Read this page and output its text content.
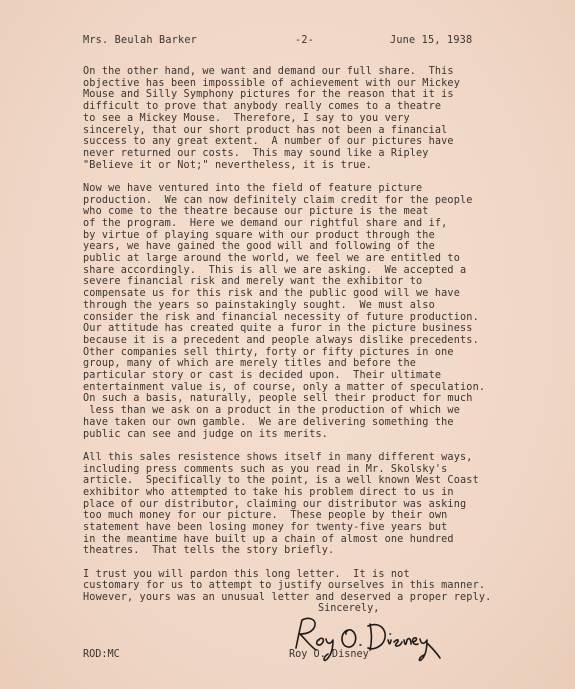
Mrs. Beulah Barker	-2-	June 15, 1938
On the other hand, we want and demand our full share.  This
objective has been impossible of achievement with our Mickey
Mouse and Silly Symphony pictures for the reason that it is
difficult to prove that anybody really comes to a theatre
to see a Mickey Mouse.  Therefore, I say to you very
sincerely, that our short product has not been a financial
success to any great extent.  A number of our pictures have
never returned our costs.  This may sound like a Ripley
"Believe it or Not;" nevertheless, it is true.
Now we have ventured into the field of feature picture
production.  We can now definitely claim credit for the people
who come to the theatre because our picture is the meat
of the program.  Here we demand our rightful share and if,
by virtue of playing square with our product through the
years, we have gained the good will and following of the
public at large around the world, we feel we are entitled to
share accordingly.  This is all we are asking.  We accepted a
severe financial risk and merely want the exhibitor to
compensate us for this risk and the public good will we have
through the years so painstakingly sought.  We must also
consider the risk and financial necessity of future production.
Our attitude has created quite a furor in the picture business
because it is a precedent and people always dislike precedents.
Other companies sell thirty, forty or fifty pictures in one
group, many of which are merely titles and before the
particular story or cast is decided upon.  Their ultimate
entertainment value is, of course, only a matter of speculation.
On such a basis, naturally, people sell their product for much
less than we ask on a product in the production of which we
have taken our own gamble.  We are delivering something the
public can see and judge on its merits.
All this sales resistence shows itself in many different ways,
including press comments such as you read in Mr. Skolsky's
article.  Specifically to the point, is a well known West Coast
exhibitor who attempted to take his problem direct to us in
place of our distributor, claiming our distributor was asking
too much money for our picture.  These people by their own
statement have been losing money for twenty-five years but
in the meantime have built up a chain of almost one hundred
theatres.  That tells the story briefly.
I trust you will pardon this long letter.  It is not
customary for us to attempt to justify ourselves in this manner.
However, yours was an unusual letter and deserved a proper reply.
Sincerely,
Roy O. Disney
ROD:MC
